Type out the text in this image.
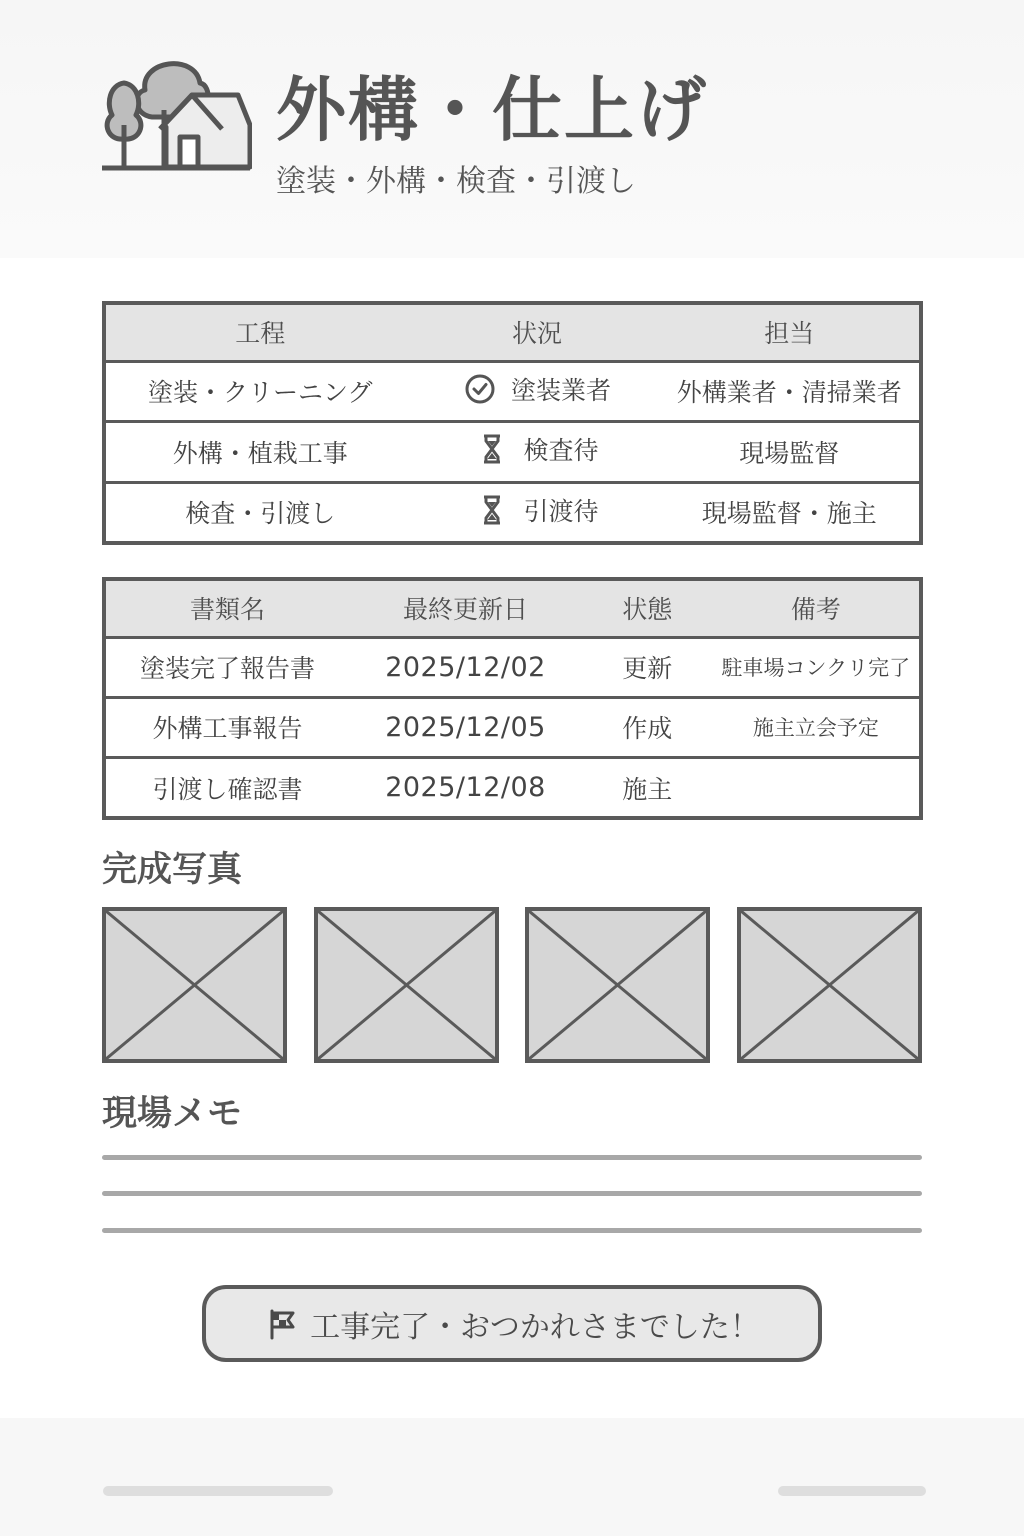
外構・仕上げ
塗装・外構・検査・引渡し
工程	状況	担当
塗装・クリーニング	塗装業者	外構業者・清掃業者
外構・植栽工事	検査待	現場監督
検査・引渡し	引渡待	現場監督・施主
書類名	最終更新日	状態	備考
塗装完了報告書	2025/12/02	更新	駐車場コンクリ完了
外構工事報告	2025/12/05	作成	施主立会予定
引渡し確認書	2025/12/08	施主	
完成写真
現場メモ
工事完了・おつかれさまでした！
